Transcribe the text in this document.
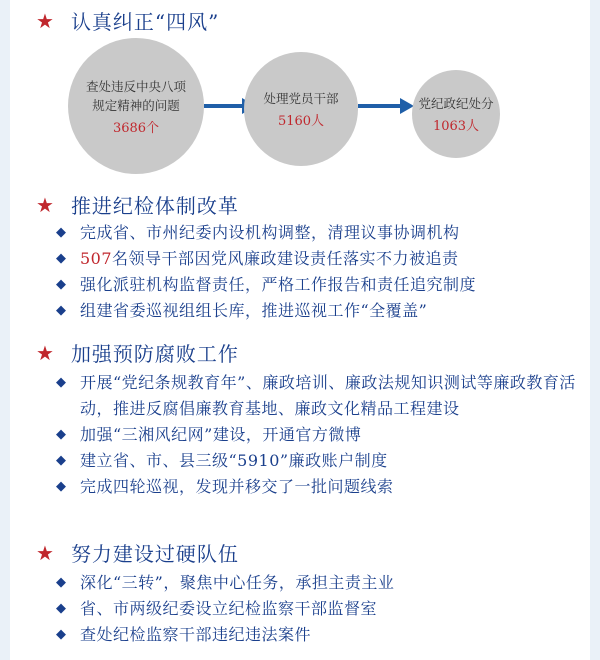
★ 认真纠正“四风”
查处违反中央八项
规定精神的问题
3686个
处理党员干部
5160人
党纪政纪处分
1063人
★ 推进纪检体制改革
◆ 完成省、市州纪委内设机构调整，清理议事协调机构
◆ 507名领导干部因党风廉政建设责任落实不力被追责
◆ 强化派驻机构监督责任，严格工作报告和责任追究制度
◆ 组建省委巡视组组长库，推进巡视工作“全覆盖”
★ 加强预防腐败工作
◆ 开展“党纪条规教育年”、廉政培训、廉政法规知识测试等廉政教育活动，推进反腐倡廉教育基地、廉政文化精品工程建设
◆ 加强“三湘风纪网”建设，开通官方微博
◆ 建立省、市、县三级“5910”廉政账户制度
◆ 完成四轮巡视，发现并移交了一批问题线索
★ 努力建设过硬队伍
◆ 深化“三转”，聚焦中心任务，承担主责主业
◆ 省、市两级纪委设立纪检监察干部监督室
◆ 查处纪检监察干部违纪违法案件
